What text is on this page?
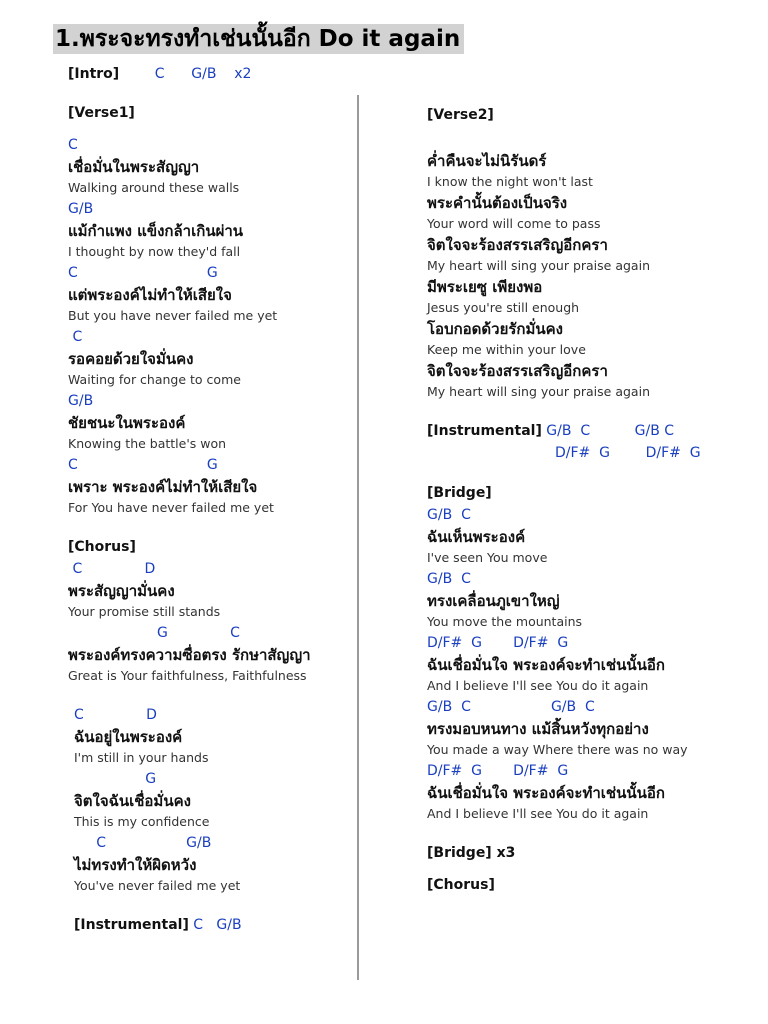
1.พระจะทรงทำเช่นนั้นอีก Do it again
[Intro]	C      G/B    x2
[Verse1]
C
เชื่อมั่นในพระสัญญา
Walking around these walls
G/B
แม้กำแพง แข็งกล้าเกินผ่าน
I thought by now they'd fall
C                             G
แต่พระองค์ไม่ทำให้เสียใจ
But you have never failed me yet
C
รอคอยด้วยใจมั่นคง
Waiting for change to come
G/B
ชัยชนะในพระองค์
Knowing the battle's won
C                             G
เพราะ พระองค์ไม่ทำให้เสียใจ
For You have never failed me yet
[Chorus]
C              D
พระสัญญามั่นคง
Your promise still stands
G              C
พระองค์ทรงความซื่อตรง รักษาสัญญา
Great is Your faithfulness, Faithfulness
C              D
ฉันอยู่ในพระองค์
I'm still in your hands
G
จิตใจฉันเชื่อมั่นคง
This is my confidence
C                  G/B
ไม่ทรงทำให้ผิดหวัง
You've never failed me yet
[Instrumental] C   G/B
[Verse2]
ค่ำคืนจะไม่นิรันดร์
I know the night won't last
พระคำนั้นต้องเป็นจริง
Your word will come to pass
จิตใจจะร้องสรรเสริญอีกครา
My heart will sing your praise again
มีพระเยซู เพียงพอ
Jesus you're still enough
โอบกอดด้วยรักมั่นคง
Keep me within your love
จิตใจจะร้องสรรเสริญอีกครา
My heart will sing your praise again
[Instrumental] G/B  C          G/B C
D/F#  G        D/F#  G
[Bridge]
G/B  C
ฉันเห็นพระองค์
I've seen You move
G/B  C
ทรงเคลื่อนภูเขาใหญ่
You move the mountains
D/F#  G       D/F#  G
ฉันเชื่อมั่นใจ พระองค์จะทำเช่นนั้นอีก
And I believe I'll see You do it again
G/B  C                  G/B  C
ทรงมอบหนทาง แม้สิ้นหวังทุกอย่าง
You made a way Where there was no way
D/F#  G       D/F#  G
ฉันเชื่อมั่นใจ พระองค์จะทำเช่นนั้นอีก
And I believe I'll see You do it again
[Bridge] x3
[Chorus]
